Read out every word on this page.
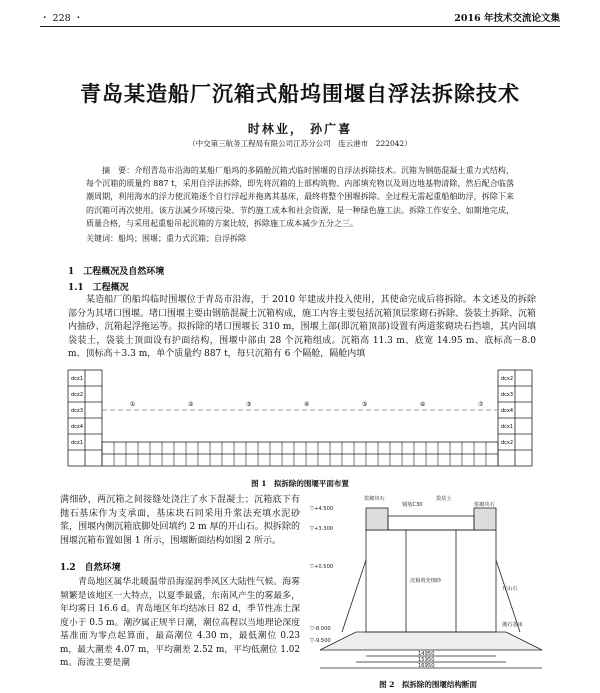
・ 228 ・	2016 年技术交流论文集
青岛某造船厂沉箱式船坞围堰自浮法拆除技术
时林业， 孙广喜
（中交第三航务工程局有限公司江苏分公司　连云港市　222042）
摘　要：介绍青岛市沿海的某船厂船坞的多隔舱沉箱式临时围堰的自浮法拆除技术。沉箱为钢筋混凝土重力式结构，每个沉箱的质量约 887 t，采用自浮法拆除，即先将沉箱的上部构筑物、内部填充物以及周边地基物清除，然后配合临落潮周期，利用海水的浮力使沉箱逐个自行浮起并拖离其基床，最终将整个围堰拆除。全过程无需起重船舶助浮，拆除下来的沉箱可再次使用。该方法减少环境污染、节约施工成本和社会资源，是一种绿色施工法。拆除工作安全、如期地完成，质量合格，与采用起重船吊起沉箱的方案比较，拆除施工成本减少五分之三。
关键词：船坞；围堰；重力式沉箱；自浮拆除
1　工程概况及自然环境
1.1　工程概况

某造船厂的船坞临时围堰位于青岛市沿海，于 2010 年建成并投入使用，其使命完成后将拆除。本文述及的拆除部分为其堵口围堰。堵口围堰主要由钢筋混凝土沉箱构成，施工内容主要包括沉箱顶层浆砌石拆除、袋装土拆除、沉箱内抽砂、沉箱起浮拖运等。拟拆除的堵口围堰长 310 m，围堰上部(即沉箱顶部)设置有两道浆砌块石挡墙，其内回填袋装土，袋装土顶面设有护面结构，围堰中部由 28 个沉箱组成。沉箱高 11.3 m、底宽 14.95 m、底标高－8.0 m、顶标高＋3.3 m，单个质量约 887 t，每只沉箱有 6 个隔舱，隔舱内填

①	②	③	④	⑤	⑥	⑦
dcx1
dcx2
dcx3
dcx4
dcx1
dcx2
dcx3
dcx4
dcx1
dcx2
图 1　拟拆除的围堰平面布置
1.2　自然环境

满细砂，两沉箱之间接缝处浇注了水下混凝土；沉箱底下有抛石基床作为支承面，基床块石同采用升浆法充填水泥砂浆，围堰内侧沉箱底脚处回填约 2 m 厚的开山石。拟拆除的围堰沉箱布置如图 1 所示，围堰断面结构如图 2 所示。

青岛地区属华北暖温带沿海湿润季风区大陆性气候。海雾频繁是该地区一大特点，以夏季最盛，东南风产生的雾最多，年均雾日 16.6 d。青岛地区年均结冰日 82 d，季节性冻土深度小于 0.5 m。潮汐属正规半日潮，潮位高程以当地理论深度基准面为零点起算面，最高潮位 4.30 m，最低潮位 0.23 m，最大潮差 4.07 m，平均潮差 2.52 m，平均低潮位 1.02 m。海流主要是潮

浆砌块石
钢筋C30
袋装土
浆砌块石
▽+4.500
▽+3.300
▽+0.500
▽-8.000
▽-9.500
沉箱填充细砂
14950
15950
16950
开山石
抛石基床
图 2　拟拆除的围堰结构断面
